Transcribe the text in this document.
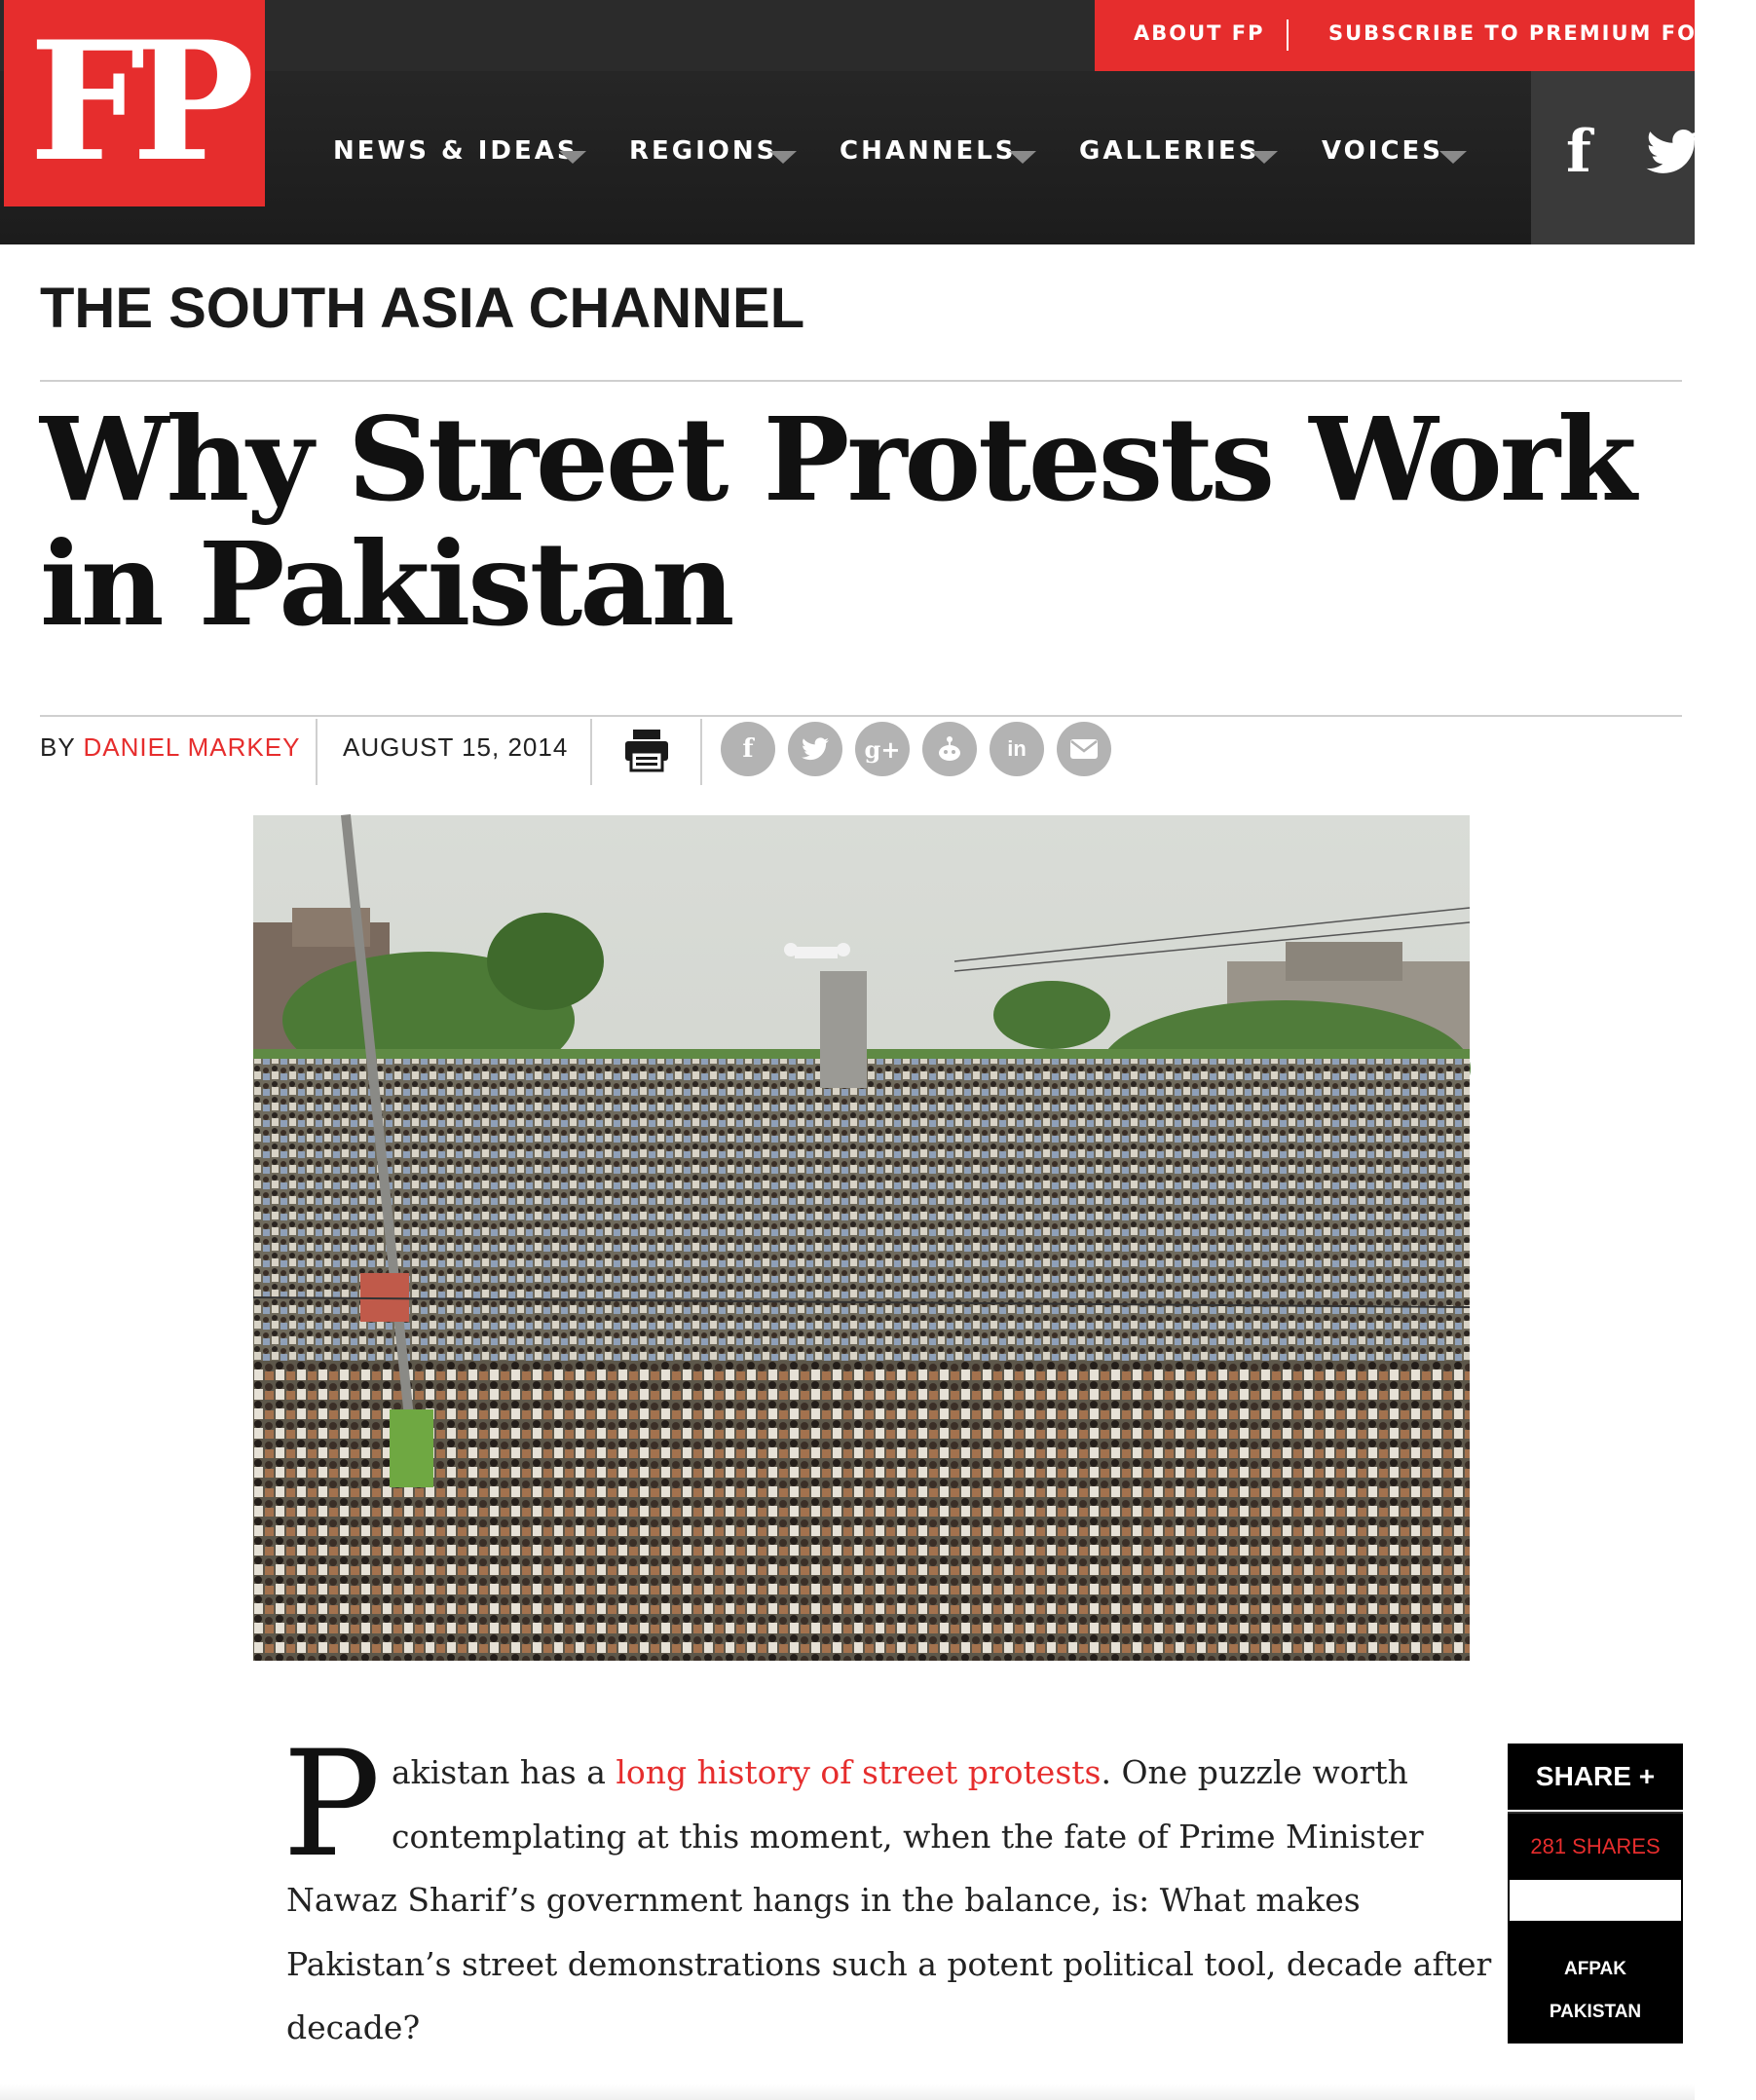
ABOUT FP	SUBSCRIBE TO PREMIUM FOR 20
FP	NEWS & IDEAS REGIONS CHANNELS GALLERIES VOICES f
THE SOUTH ASIA CHANNEL
Why Street Protests Work in Pakistan
BY DANIEL MARKEY AUGUST 15, 2014	f	g+	in
P akistan has a long history of street protests. One puzzle worth
contemplating at this moment, when the fate of Prime Minister
Nawaz Sharif’s government hangs in the balance, is: What makes
Pakistan’s street demonstrations such a potent political tool, decade after
decade?
SHARE +
281 SHARES
AFPAK
PAKISTAN
